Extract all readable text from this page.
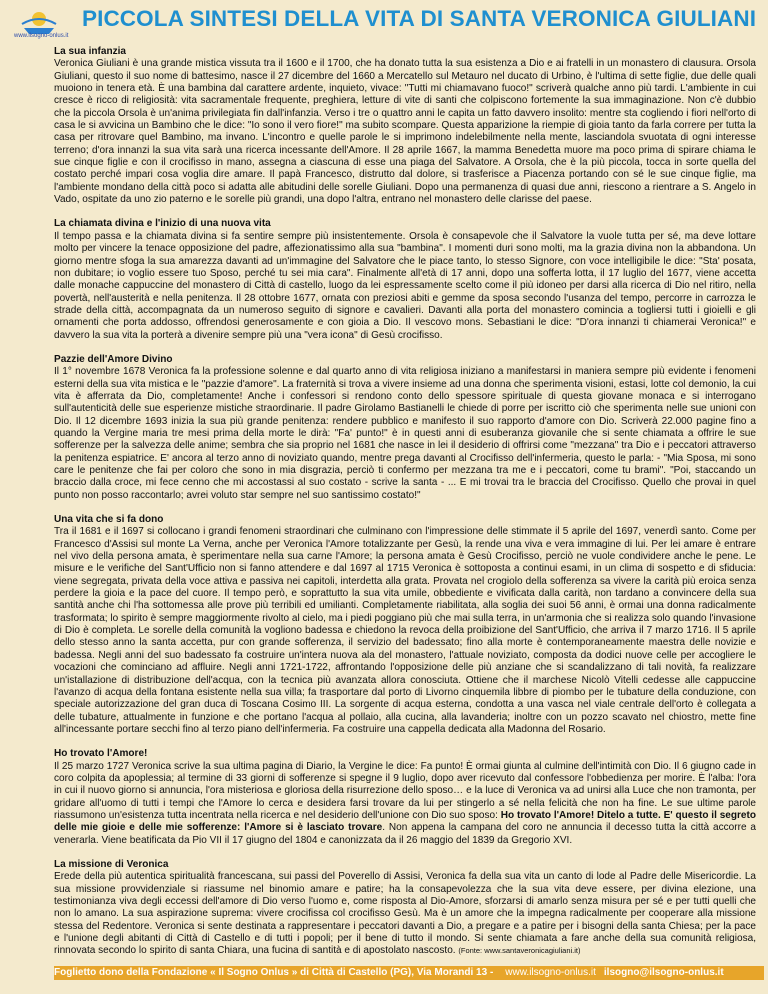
www.ilsogno-onlus.it
PICCOLA SINTESI DELLA VITA DI SANTA VERONICA GIULIANI
La sua infanzia

Veronica Giuliani è una grande mistica vissuta tra il 1600 e il 1700, che ha donato tutta la sua esistenza a Dio e ai fratelli in un monastero di clausura. Orsola Giuliani, questo il suo nome di battesimo, nasce il 27 dicembre del 1660 a Mercatello sul Metauro nel ducato di Urbino, è l'ultima di sette figlie, due delle quali muoiono in tenera età. È una bambina dal carattere ardente, inquieto, vivace: "Tutti mi chiamavano fuoco!" scriverà qualche anno più tardi. L'ambiente in cui cresce è ricco di religiosità: vita sacramentale frequente, preghiera, letture di vite di santi che colpiscono fortemente la sua immaginazione. Non c'è dubbio che la piccola Orsola è un'anima privilegiata fin dall'infanzia. Verso i tre o quattro anni le capita un fatto davvero insolito: mentre sta cogliendo i fiori nell'orto di casa le si avvicina un Bambino che le dice: "Io sono il vero fiore!" ma subito scompare. Questa apparizione la riempie di gioia tanto da farla correre per tutta la casa per ritrovare quel Bambino, ma invano. L'incontro e quelle parole le si imprimono indelebilmente nella mente, lasciandola svuotata di ogni interesse terreno; d'ora innanzi la sua vita sarà una ricerca incessante dell'Amore. Il 28 aprile 1667, la mamma Benedetta muore ma poco prima di spirare chiama le sue cinque figlie e con il crocifisso in mano, assegna a ciascuna di esse una piaga del Salvatore. A Orsola, che è la più piccola, tocca in sorte quella del costato perché impari cosa voglia dire amare. Il papà Francesco, distrutto dal dolore, si trasferisce a Piacenza portando con sé le sue cinque figlie, ma l'ambiente mondano della città poco si adatta alle abitudini delle sorelle Giuliani. Dopo una permanenza di quasi due anni, riescono a rientrare a S. Angelo in Vado, ospitate da uno zio paterno e le sorelle più grandi, una dopo l'altra, entrano nel monastero delle clarisse del paese.

La chiamata divina e l'inizio di una nuova vita

Il tempo passa e la chiamata divina si fa sentire sempre più insistentemente. Orsola è consapevole che il Salvatore la vuole tutta per sé, ma deve lottare molto per vincere la tenace opposizione del padre, affezionatissimo alla sua "bambina". I momenti duri sono molti, ma la grazia divina non la abbandona. Un giorno mentre sfoga la sua amarezza davanti ad un'immagine del Salvatore che le piace tanto, lo stesso Signore, con voce intelligibile le dice: "Sta' posata, non dubitare; io voglio essere tuo Sposo, perché tu sei mia cara". Finalmente all'età di 17 anni, dopo una sofferta lotta, il 17 luglio del 1677, viene accetta dalle monache cappuccine del monastero di Città di castello, luogo da lei espressamente scelto come il più idoneo per darsi alla ricerca di Dio nel ritiro, nella povertà, nell'austerità e nella penitenza. Il 28 ottobre 1677, ornata con preziosi abiti e gemme da sposa secondo l'usanza del tempo, percorre in carrozza le strade della città, accompagnata da un numeroso seguito di signore e cavalieri. Davanti alla porta del monastero comincia a togliersi tutti i gioielli e gli ornamenti che porta addosso, offrendosi generosamente e con gioia a Dio. Il vescovo mons. Sebastiani le dice: "D'ora innanzi ti chiamerai Veronica!" e davvero la sua vita la porterà a divenire sempre più una "vera icona" di Gesù crocifisso.

Pazzie dell'Amore Divino

Il 1° novembre 1678 Veronica fa la professione solenne e dal quarto anno di vita religiosa iniziano a manifestarsi in maniera sempre più evidente i fenomeni esterni della sua vita mistica e le "pazzie d'amore". La fraternità si trova a vivere insieme ad una donna che sperimenta visioni, estasi, lotte col demonio, la cui vita è afferrata da Dio, completamente! Anche i confessori si rendono conto dello spessore spirituale di questa giovane monaca e si interrogano sull'autenticità delle sue esperienze mistiche straordinarie. Il padre Girolamo Bastianelli le chiede di porre per iscritto ciò che sperimenta nelle sue unioni con Dio. Il 12 dicembre 1693 inizia la sua più grande penitenza: rendere pubblico e manifesto il suo rapporto d'amore con Dio. Scriverà 22.000 pagine fino a quando la Vergine maria tre mesi prima della morte le dirà: "Fa' punto!" è in questi anni di esuberanza giovanile che si sente chiamata a offrire le sue sofferenze per la salvezza delle anime; sembra che sia proprio nel 1681 che nasce in lei il desiderio di offrirsi come "mezzana" tra Dio e i peccatori attraverso la penitenza espiatrice. E' ancora al terzo anno di noviziato quando, mentre prega davanti al Crocifisso dell'infermeria, questo le parla: - "Mia Sposa, mi sono care le penitenze che fai per coloro che sono in mia disgrazia, perciò ti confermo per mezzana tra me e i peccatori, come tu brami". "Poi, staccando un braccio dalla croce, mi fece cenno che mi accostassi al suo costato - scrive la santa - ... E mi trovai tra le braccia del Crocifisso. Quello che provai in quel punto non posso raccontarlo; avrei voluto star sempre nel suo santissimo costato!"

Una vita che si fa dono

Tra il 1681 e il 1697 si collocano i grandi fenomeni straordinari che culminano con l'impressione delle stimmate il 5 aprile del 1697, venerdì santo. Come per Francesco d'Assisi sul monte La Verna, anche per Veronica l'Amore totalizzante per Gesù, la rende una viva e vera immagine di lui. Per lei amare è entrare nel vivo della persona amata, è sperimentare nella sua carne l'Amore; la persona amata è Gesù Crocifisso, perciò ne vuole condividere anche le pene. Le misure e le verifiche del Sant'Ufficio non si fanno attendere e dal 1697 al 1715 Veronica è sottoposta a continui esami, in un clima di sospetto e di sfiducia: viene segregata, privata della voce attiva e passiva nei capitoli, interdetta alla grata. Provata nel crogiolo della sofferenza sa vivere la carità più eroica senza perdere la gioia e la pace del cuore. Il tempo però, e soprattutto la sua vita umile, obbediente e vivificata dalla carità, non tardano a convincere della sua santità anche chi l'ha sottomessa alle prove più terribili ed umilianti. Completamente riabilitata, alla soglia dei suoi 56 anni, è ormai una donna radicalmente trasformata; lo spirito è sempre maggiormente rivolto al cielo, ma i piedi poggiano più che mai sulla terra, in un'armonia che si realizza solo quando l'invasione di Dio è completa. Le sorelle della comunità la vogliono badessa e chiedono la revoca della proibizione del Sant'Ufficio, che arriva il 7 marzo 1716. Il 5 aprile dello stesso anno la santa accetta, pur con grande sofferenza, il servizio del badessato; fino alla morte è contemporaneamente maestra delle novizie e badessa. Negli anni del suo badessato fa costruire un'intera nuova ala del monastero, l'attuale noviziato, composta da dodici nuove celle per accogliere le vocazioni che cominciano ad affluire. Negli anni 1721-1722, affrontando l'opposizione delle più anziane che si scandalizzano di tali novità, fa realizzare un'istallazione di distribuzione dell'acqua, con la tecnica più avanzata allora conosciuta. Ottiene che il marchese Nicolò Vitelli cedesse alle cappuccine l'avanzo di acqua della fontana esistente nella sua villa; fa trasportare dal porto di Livorno cinquemila libbre di piombo per le tubature della conduzione, con speciale autorizzazione del gran duca di Toscana Cosimo III. La sorgente di acqua esterna, condotta a una vasca nel viale centrale dell'orto è collegata a delle tubature, attualmente in funzione e che portano l'acqua al pollaio, alla cucina, alla lavanderia; inoltre con un pozzo scavato nel chiostro, mette fine all'incessante portare secchi fino al terzo piano dell'infermeria. Fa costruire una cappella dedicata alla Madonna del Rosario.

Ho trovato l'Amore!

Il 25 marzo 1727 Veronica scrive la sua ultima pagina di Diario, la Vergine le dice: Fa punto! È ormai giunta al culmine dell'intimità con Dio. Il 6 giugno cade in coro colpita da apoplessia; al termine di 33 giorni di sofferenze si spegne il 9 luglio, dopo aver ricevuto dal confessore l'obbedienza per morire. È l'alba: l'ora in cui il nuovo giorno si annuncia, l'ora misteriosa e gloriosa della risurrezione dello sposo… e la luce di Veronica va ad unirsi alla Luce che non tramonta, per gridare all'uomo di tutti i tempi che l'Amore lo cerca e desidera farsi trovare da lui per stingerlo a sé nella felicità che non ha fine. Le sue ultime parole riassumono un'esistenza tutta incentrata nella ricerca e nel desiderio dell'unione con Dio suo sposo: Ho trovato l'Amore! Ditelo a tutte. E' questo il segreto delle mie gioie e delle mie sofferenze: l'Amore si è lasciato trovare. Non appena la campana del coro ne annuncia il decesso tutta la città accorre a venerarla. Viene beatificata da Pio VII il 17 giugno del 1804 e canonizzata da il 26 maggio del 1839 da Gregorio XVI.

La missione di Veronica

Erede della più autentica spiritualità francescana, sui passi del Poverello di Assisi, Veronica fa della sua vita un canto di lode al Padre delle Misericordie. La sua missione provvidenziale si riassume nel binomio amare e patire; ha la consapevolezza che la sua vita deve essere, per divina elezione, una testimonianza viva degli eccessi dell'amore di Dio verso l'uomo e, come risposta al Dio-Amore, sforzarsi di amarlo senza misura per sé e per tutti quelli che non lo amano. La sua aspirazione suprema: vivere crocifissa col crocifisso Gesù. Ma è un amore che la impegna radicalmente per cooperare alla missione stessa del Redentore. Veronica si sente destinata a rappresentare i peccatori davanti a Dio, a pregare e a patire per i bisogni della santa Chiesa; per la pace e l'unione degli abitanti di Città di Castello e di tutti i popoli; per il bene di tutto il mondo. Si sente chiamata a fare anche della sua comunità religiosa, rinnovata secondo lo spirito di santa Chiara, una fucina di santità e di apostolato nascosto. (Fonte: www.santaveronicagiuliani.it)

Foglietto dono della Fondazione « Il Sogno Onlus » di Città di Castello (PG), Via Morandi 13 - www.ilsogno-onlus.it ilsogno@ilsogno-onlus.it
